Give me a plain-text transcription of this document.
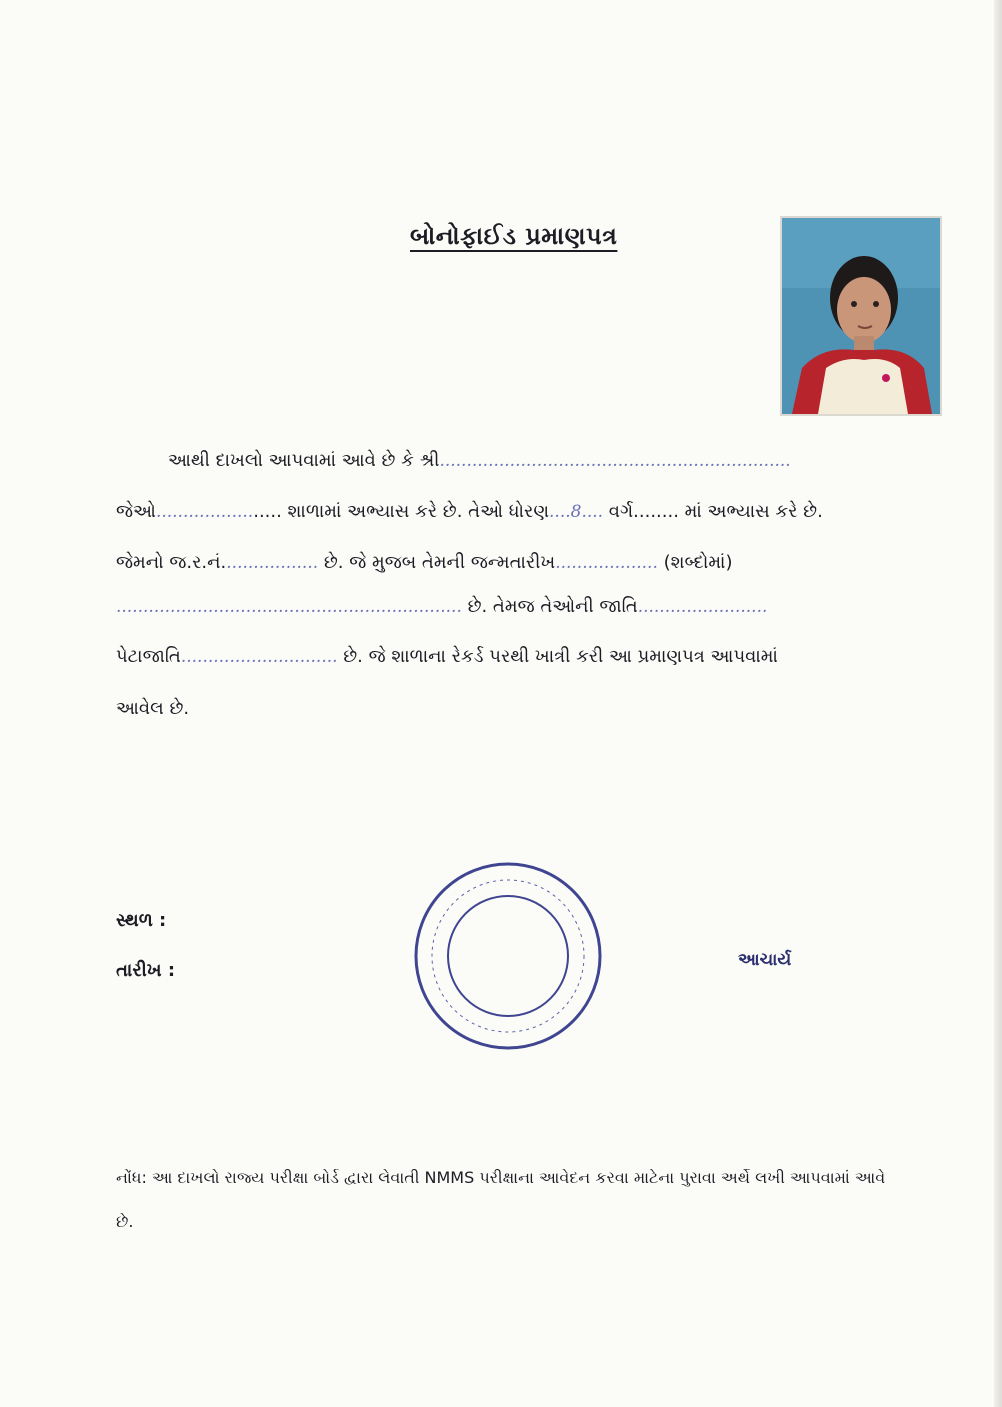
બોનોફાઈડ પ્રમાણપત્ર
આથી દાખલો આપવામાં આવે છે કે શ્રી.................................................................
જેઓ....................... શાળામાં અભ્યાસ કરે છે. તેઓ ધોરણ....8.... વર્ગ........ માં અભ્યાસ કરે છે.
જેમનો જ.ર.નં.................. છે. જે મુજબ તેમની જન્મતારીખ................... (શબ્દોમાં)
................................................................ છે. તેમજ તેઓની જાતિ........................
પેટાજાતિ............................. છે. જે શાળાના રેકર્ડ પરથી ખાત્રી કરી આ પ્રમાણપત્ર આપવામાં
આવેલ છે.
સ્થળ :
તારીખ :	આચાર્ય
નોંધ: આ દાખલો રાજ્ય પરીક્ષા બોર્ડ દ્વારા લેવાતી NMMS પરીક્ષાના આવેદન કરવા માટેના પુરાવા અર્થે લખી આપવામાં આવે છે.
